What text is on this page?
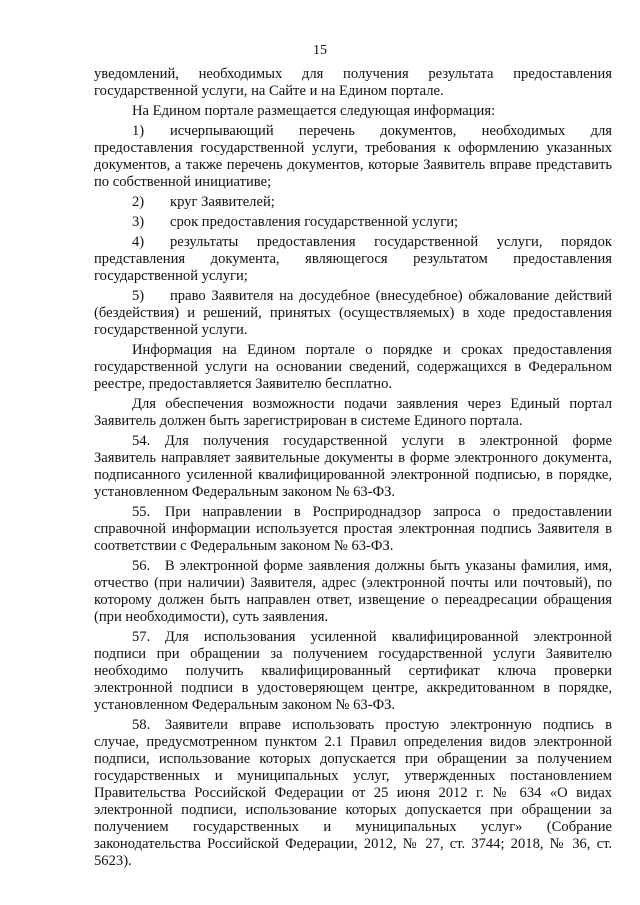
15

уведомлений, необходимых для получения результата предоставления государственной услуги, на Сайте и на Едином портале.

На Едином портале размещается следующая информация:

1) исчерпывающий перечень документов, необходимых для предоставления государственной услуги, требования к оформлению указанных документов, а также перечень документов, которые Заявитель вправе представить по собственной инициативе;

2) круг Заявителей;

3) срок предоставления государственной услуги;

4) результаты предоставления государственной услуги, порядок представления документа, являющегося результатом предоставления государственной услуги;

5) право Заявителя на досудебное (внесудебное) обжалование действий (бездействия) и решений, принятых (осуществляемых) в ходе предоставления государственной услуги.

Информация на Едином портале о порядке и сроках предоставления государственной услуги на основании сведений, содержащихся в Федеральном реестре, предоставляется Заявителю бесплатно.

Для обеспечения возможности подачи заявления через Единый портал Заявитель должен быть зарегистрирован в системе Единого портала.

54. Для получения государственной услуги в электронной форме Заявитель направляет заявительные документы в форме электронного документа, подписанного усиленной квалифицированной электронной подписью, в порядке, установленном Федеральным законом № 63-ФЗ.

55. При направлении в Росприроднадзор запроса о предоставлении справочной информации используется простая электронная подпись Заявителя в соответствии с Федеральным законом № 63-ФЗ.

56. В электронной форме заявления должны быть указаны фамилия, имя, отчество (при наличии) Заявителя, адрес (электронной почты или почтовый), по которому должен быть направлен ответ, извещение о переадресации обращения (при необходимости), суть заявления.

57. Для использования усиленной квалифицированной электронной подписи при обращении за получением государственной услуги Заявителю необходимо получить квалифицированный сертификат ключа проверки электронной подписи в удостоверяющем центре, аккредитованном в порядке, установленном Федеральным законом № 63-ФЗ.

58. Заявители вправе использовать простую электронную подпись в случае, предусмотренном пунктом 2.1 Правил определения видов электронной подписи, использование которых допускается при обращении за получением государственных и муниципальных услуг, утвержденных постановлением Правительства Российской Федерации от 25 июня 2012 г. № 634 «О видах электронной подписи, использование которых допускается при обращении за получением государственных и муниципальных услуг» (Собрание законодательства Российской Федерации, 2012, № 27, ст. 3744; 2018, № 36, ст. 5623).
